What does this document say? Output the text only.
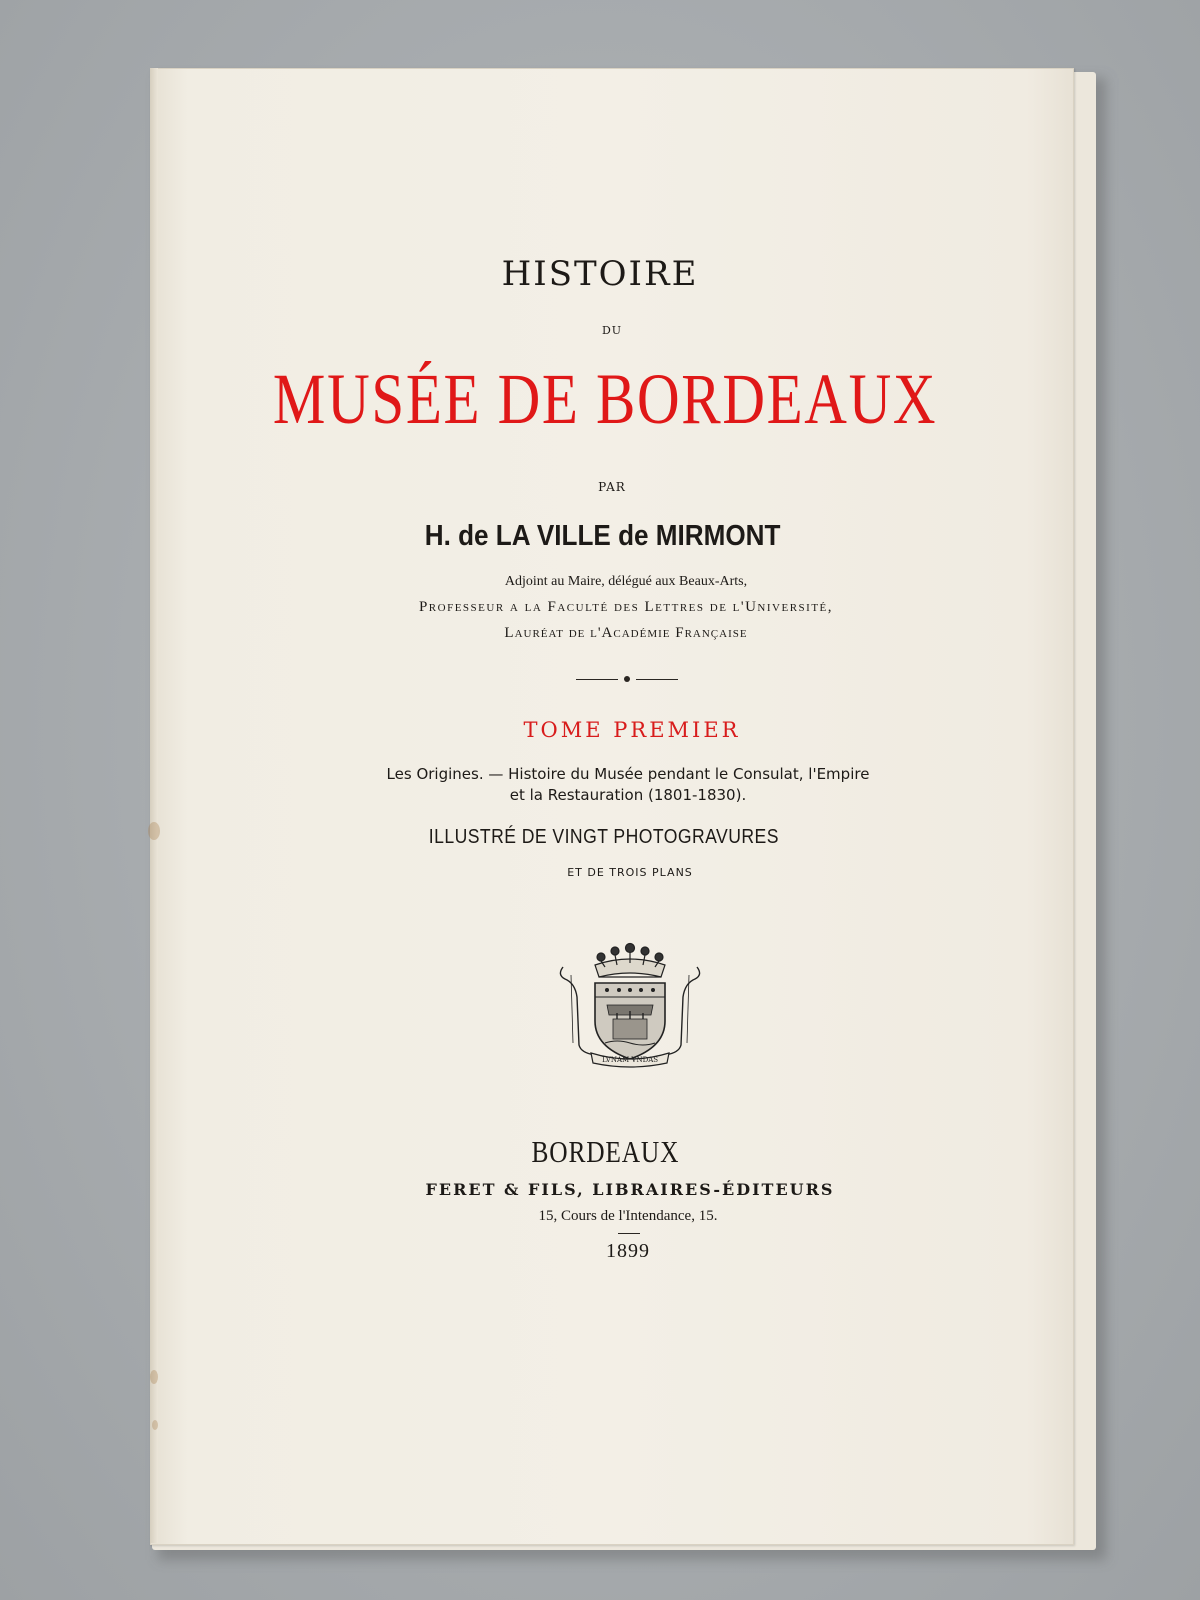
HISTOIRE
DU
MUSÉE DE BORDEAUX
PAR
H. de LA VILLE de MIRMONT
Adjoint au Maire, délégué aux Beaux-Arts,
Professeur a la Faculté des Lettres de l'Université,
Lauréat de l'Académie Française
TOME PREMIER
Les Origines. — Histoire du Musée pendant le Consulat, l'Empire
et la Restauration (1801-1830).
ILLUSTRÉ DE VINGT PHOTOGRAVURES
ET DE TROIS PLANS
LVNAM VNDAS
BORDEAUX
FERET & FILS, LIBRAIRES-ÉDITEURS
15, Cours de l'Intendance, 15.
1899
